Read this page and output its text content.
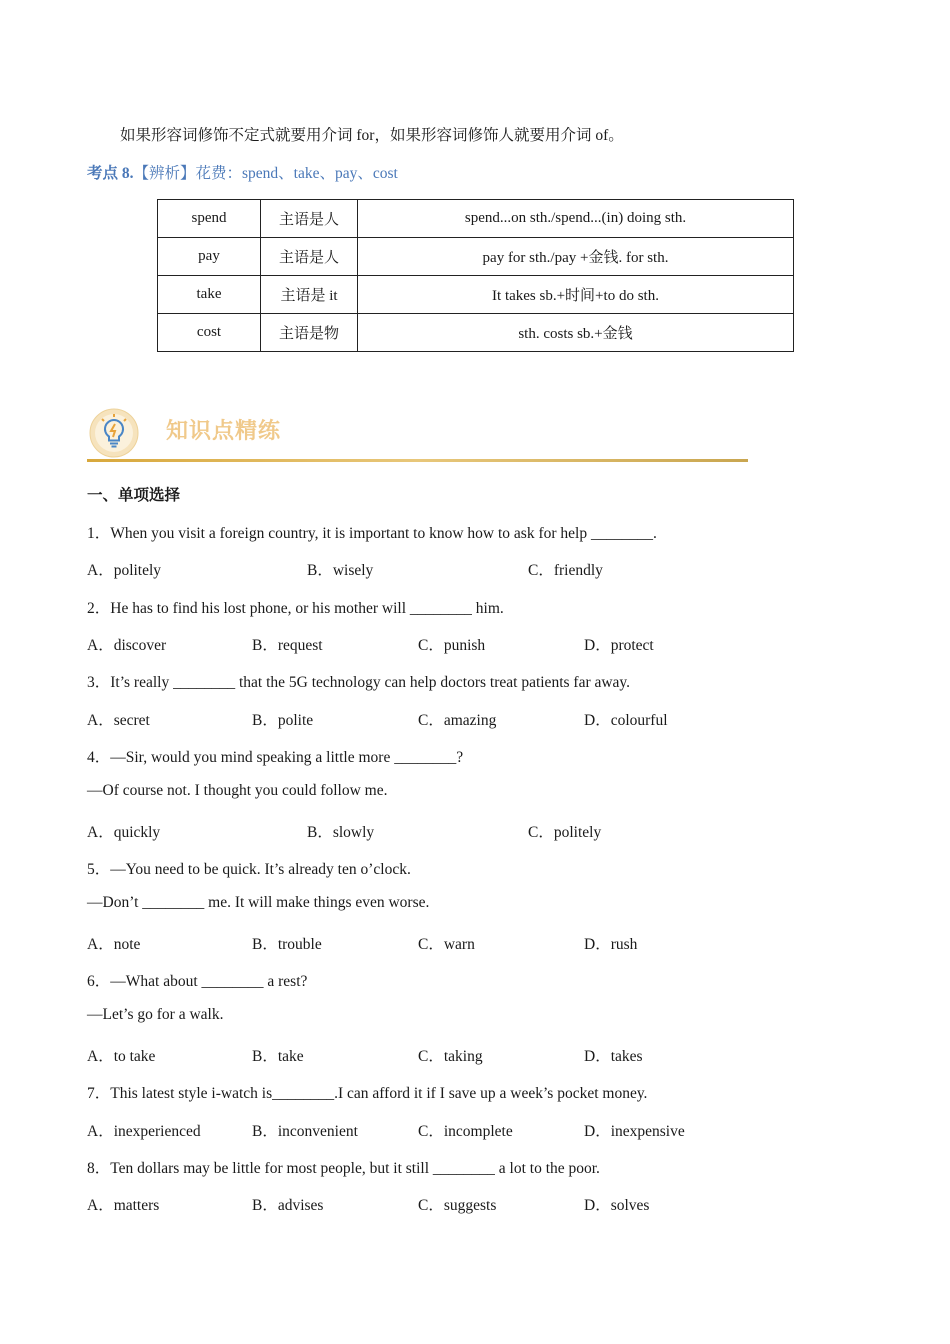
如果形容词修饰不定式就要用介词 for，如果形容词修饰人就要用介词 of。
考点 8.【辨析】花费：spend、take、pay、cost
spend	主语是人	spend...on sth./spend...(in) doing sth.
pay	主语是人	pay for sth./pay +金钱. for sth.
take	主语是 it	It takes sb.+时间+to do sth.
cost	主语是物	sth. costs sb.+金钱
知识点精练
一、单项选择
1．When you visit a foreign country, it is important to know how to ask for help ________.
A．politely	B．wisely	C．friendly
2．He has to find his lost phone, or his mother will ________ him.
A．discover	B．request	C．punish	D．protect
3．It’s really ________ that the 5G technology can help doctors treat patients far away.
A．secret	B．polite	C．amazing	D．colourful
4．—Sir, would you mind speaking a little more ________?
—Of course not. I thought you could follow me.
A．quickly	B．slowly	C．politely
5．—You need to be quick. It’s already ten o’clock.
—Don’t ________ me. It will make things even worse.
A．note	B．trouble	C．warn	D．rush
6．—What about ________ a rest?
—Let’s go for a walk.
A．to take	B．take	C．taking	D．takes
7．This latest style i-watch is________.I can afford it if I save up a week’s pocket money.
A．inexperienced	B．inconvenient	C．incomplete	D．inexpensive
8．Ten dollars may be little for most people, but it still ________ a lot to the poor.
A．matters	B．advises	C．suggests	D．solves
